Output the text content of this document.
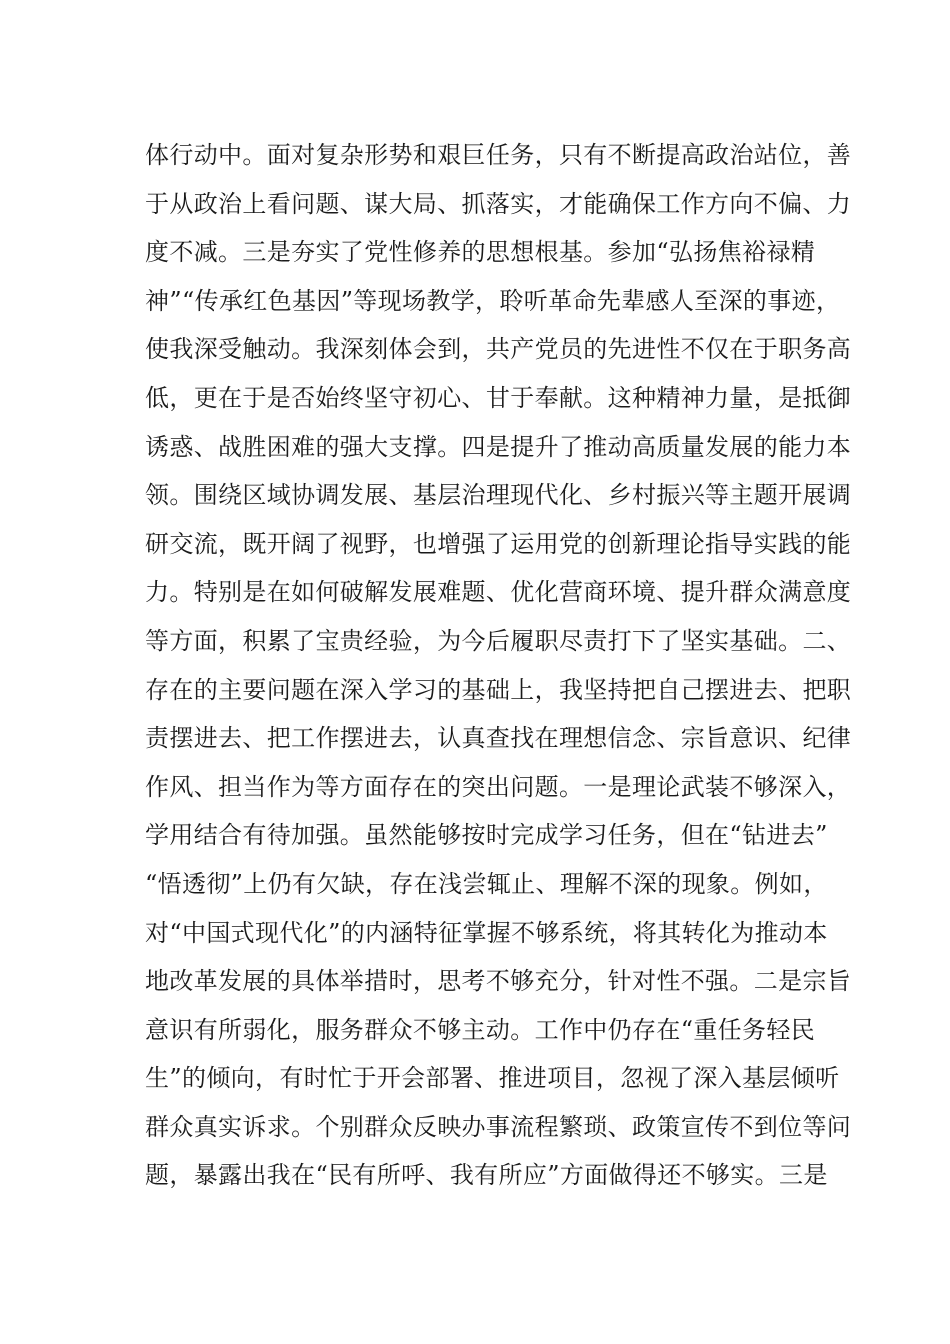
体行动中。面对复杂形势和艰巨任务，只有不断提高政治站位，善
于从政治上看问题、谋大局、抓落实，才能确保工作方向不偏、力
度不减。三是夯实了党性修养的思想根基。参加“弘扬焦裕禄精
神”“传承红色基因”等现场教学，聆听革命先辈感人至深的事迹，
使我深受触动。我深刻体会到，共产党员的先进性不仅在于职务高
低，更在于是否始终坚守初心、甘于奉献。这种精神力量，是抵御
诱惑、战胜困难的强大支撑。四是提升了推动高质量发展的能力本
领。围绕区域协调发展、基层治理现代化、乡村振兴等主题开展调
研交流，既开阔了视野，也增强了运用党的创新理论指导实践的能
力。特别是在如何破解发展难题、优化营商环境、提升群众满意度
等方面，积累了宝贵经验，为今后履职尽责打下了坚实基础。二、
存在的主要问题在深入学习的基础上，我坚持把自己摆进去、把职
责摆进去、把工作摆进去，认真查找在理想信念、宗旨意识、纪律
作风、担当作为等方面存在的突出问题。一是理论武装不够深入，
学用结合有待加强。虽然能够按时完成学习任务，但在“钻进去”
“悟透彻”上仍有欠缺，存在浅尝辄止、理解不深的现象。例如，
对“中国式现代化”的内涵特征掌握不够系统，将其转化为推动本
地改革发展的具体举措时，思考不够充分，针对性不强。二是宗旨
意识有所弱化，服务群众不够主动。工作中仍存在“重任务轻民
生”的倾向，有时忙于开会部署、推进项目，忽视了深入基层倾听
群众真实诉求。个别群众反映办事流程繁琐、政策宣传不到位等问
题，暴露出我在“民有所呼、我有所应”方面做得还不够实。三是
